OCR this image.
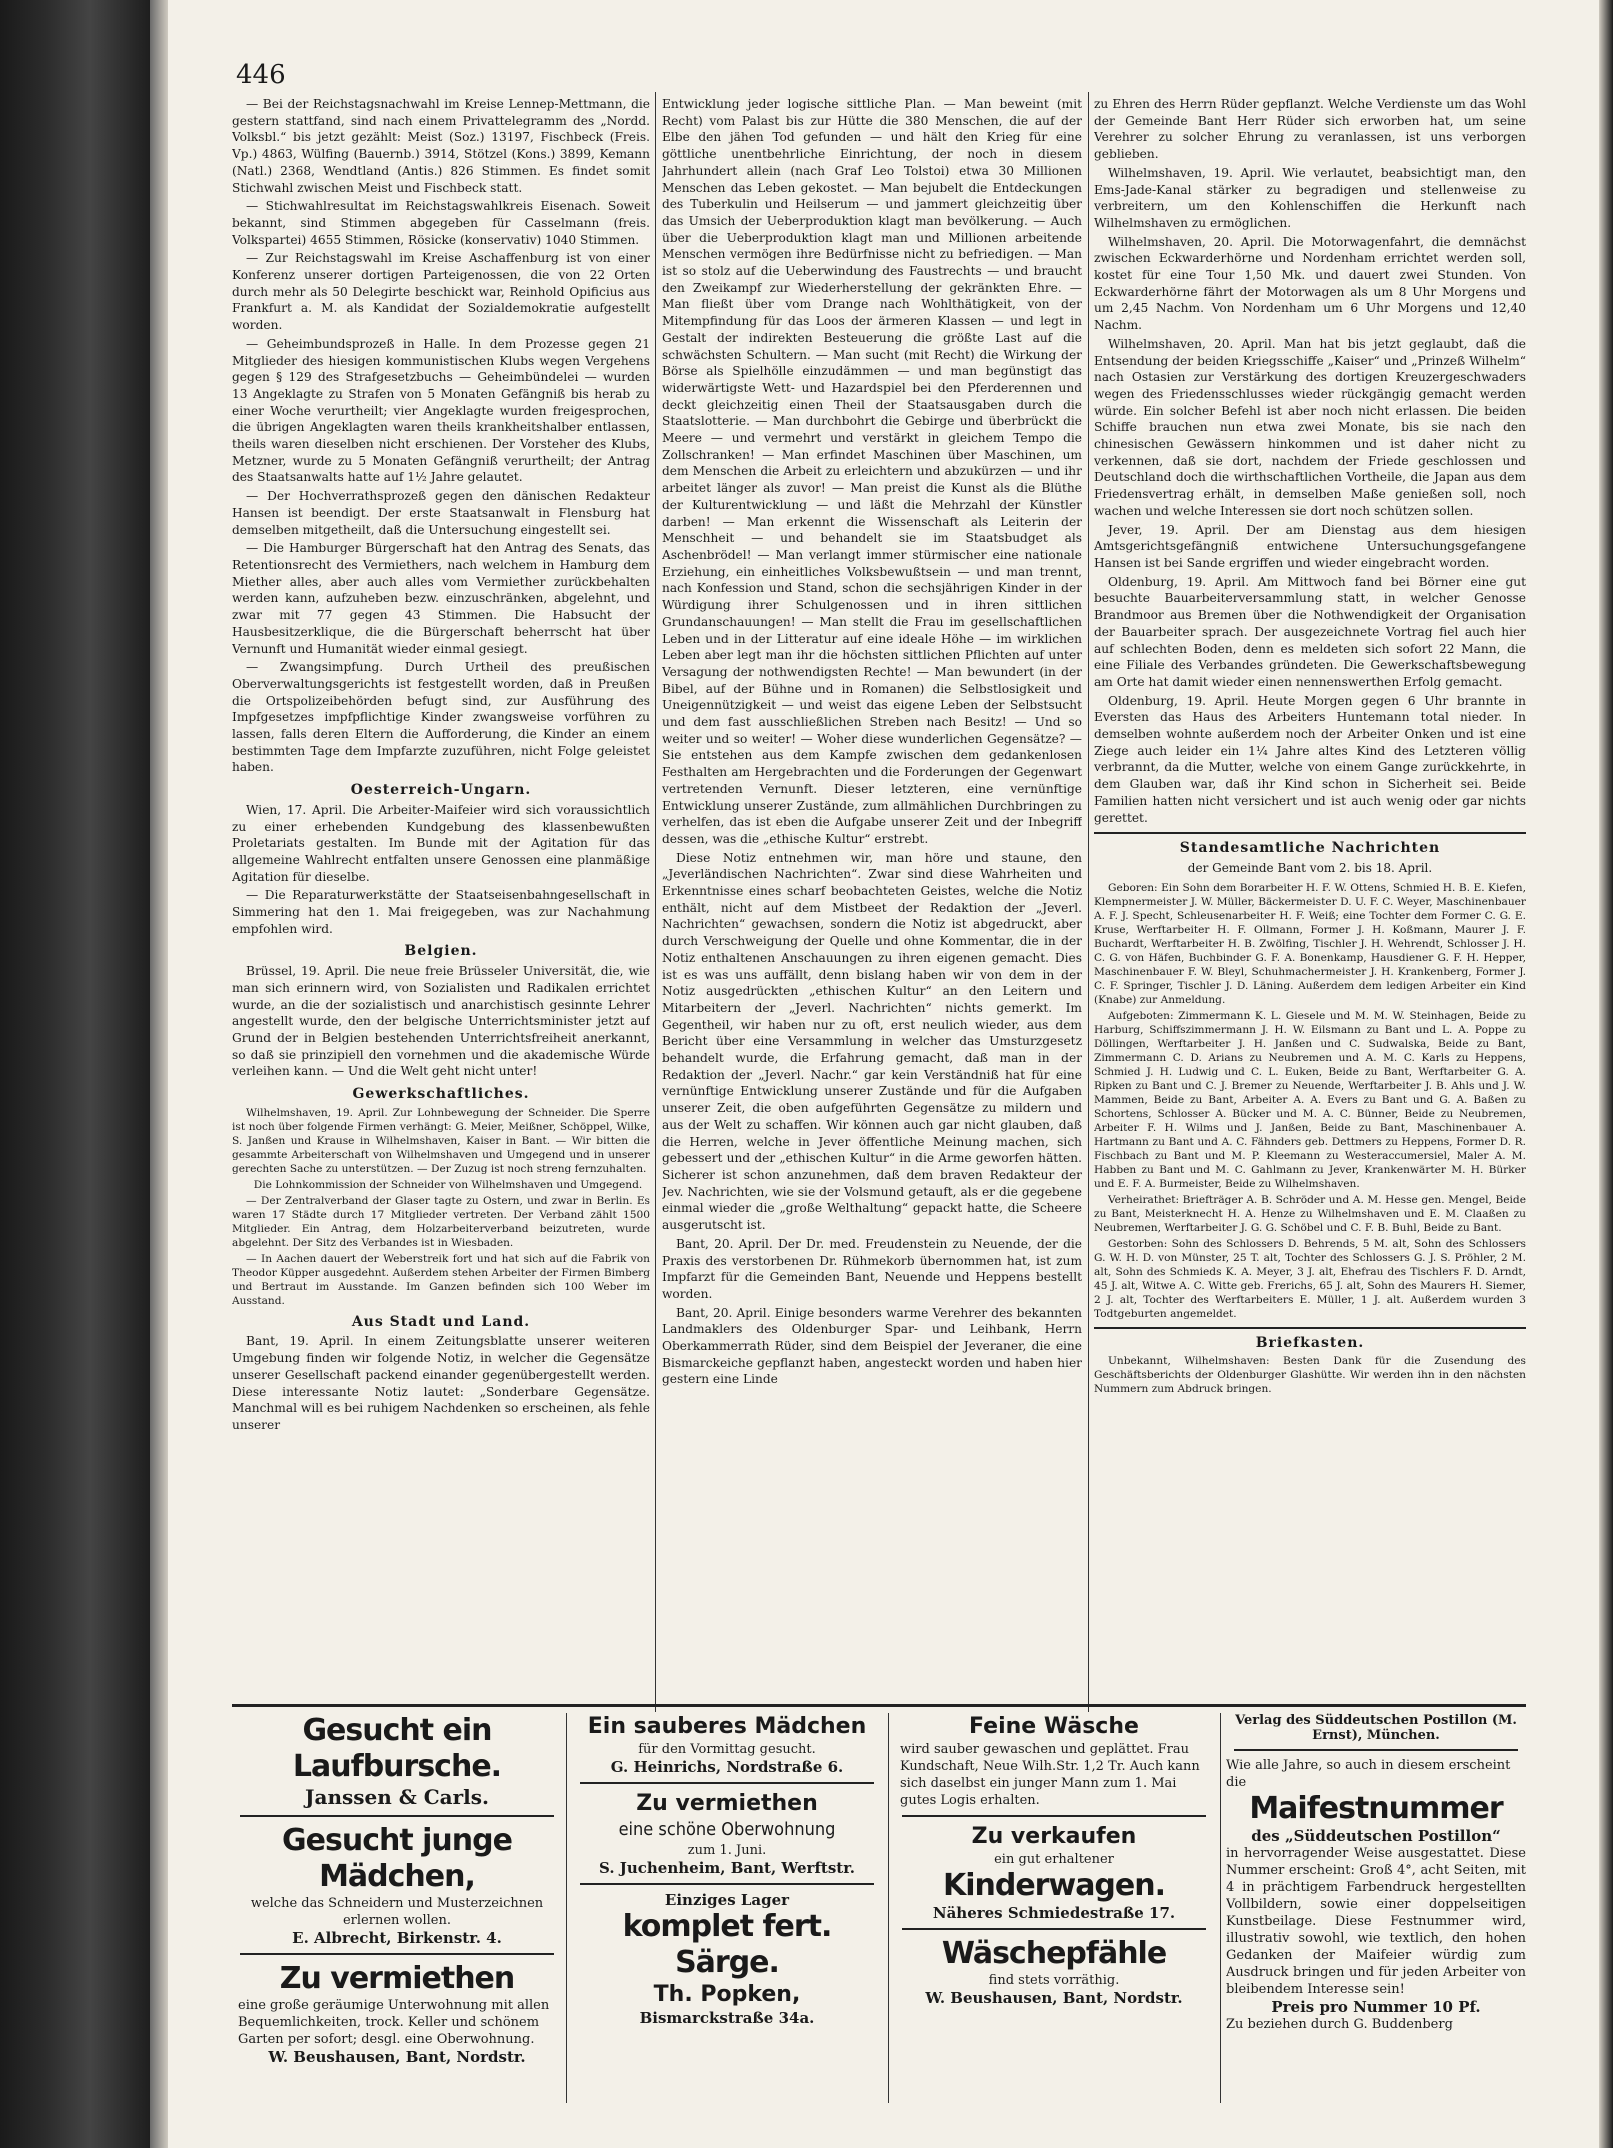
446

— Bei der Reichstagsnachwahl im Kreise Lennep-Mettmann, die gestern stattfand, sind nach einem Privattelegramm des „Nordd. Volksbl.“ bis jetzt gezählt: Meist (Soz.) 13197, Fischbeck (Freis. Vp.) 4863, Wülfing (Bauernb.) 3914, Stötzel (Kons.) 3899, Kemann (Natl.) 2368, Wendtland (Antis.) 826 Stimmen. Es findet somit Stichwahl zwischen Meist und Fischbeck statt.

— Stichwahlresultat im Reichstagswahlkreis Eisenach. Soweit bekannt, sind Stimmen abgegeben für Casselmann (freis. Volkspartei) 4655 Stimmen, Rösicke (konservativ) 1040 Stimmen.

— Zur Reichstagswahl im Kreise Aschaffenburg ist von einer Konferenz unserer dortigen Parteigenossen, die von 22 Orten durch mehr als 50 Delegirte beschickt war, Reinhold Opificius aus Frankfurt a. M. als Kandidat der Sozialdemokratie aufgestellt worden.

— Geheimbundsprozeß in Halle. In dem Prozesse gegen 21 Mitglieder des hiesigen kommunistischen Klubs wegen Vergehens gegen § 129 des Strafgesetzbuchs — Geheimbündelei — wurden 13 Angeklagte zu Strafen von 5 Monaten Gefängniß bis herab zu einer Woche verurtheilt; vier Angeklagte wurden freigesprochen, die übrigen Angeklagten waren theils krankheitshalber entlassen, theils waren dieselben nicht erschienen. Der Vorsteher des Klubs, Metzner, wurde zu 5 Monaten Gefängniß verurtheilt; der Antrag des Staatsanwalts hatte auf 1½ Jahre gelautet.

— Der Hochverrathsprozeß gegen den dänischen Redakteur Hansen ist beendigt. Der erste Staatsanwalt in Flensburg hat demselben mitgetheilt, daß die Untersuchung eingestellt sei.

— Die Hamburger Bürgerschaft hat den Antrag des Senats, das Retentionsrecht des Vermiethers, nach welchem in Hamburg dem Miether alles, aber auch alles vom Vermiether zurückbehalten werden kann, aufzuheben bezw. einzuschränken, abgelehnt, und zwar mit 77 gegen 43 Stimmen. Die Habsucht der Hausbesitzerklique, die die Bürgerschaft beherrscht hat über Vernunft und Humanität wieder einmal gesiegt.

— Zwangsimpfung. Durch Urtheil des preußischen Oberverwaltungsgerichts ist festgestellt worden, daß in Preußen die Ortspolizeibehörden befugt sind, zur Ausführung des Impfgesetzes impfpflichtige Kinder zwangsweise vorführen zu lassen, falls deren Eltern die Aufforderung, die Kinder an einem bestimmten Tage dem Impfarzte zuzuführen, nicht Folge geleistet haben.

Oesterreich-Ungarn.

Wien, 17. April. Die Arbeiter-Maifeier wird sich voraussichtlich zu einer erhebenden Kundgebung des klassenbewußten Proletariats gestalten. Im Bunde mit der Agitation für das allgemeine Wahlrecht entfalten unsere Genossen eine planmäßige Agitation für dieselbe.

— Die Reparaturwerkstätte der Staatseisenbahngesellschaft in Simmering hat den 1. Mai freigegeben, was zur Nachahmung empfohlen wird.

Belgien.

Brüssel, 19. April. Die neue freie Brüsseler Universität, die, wie man sich erinnern wird, von Sozialisten und Radikalen errichtet wurde, an die der sozialistisch und anarchistisch gesinnte Lehrer angestellt wurde, den der belgische Unterrichtsminister jetzt auf Grund der in Belgien bestehenden Unterrichtsfreiheit anerkannt, so daß sie prinzipiell den vornehmen und die akademische Würde verleihen kann. — Und die Welt geht nicht unter!

Gewerkschaftliches.

Wilhelmshaven, 19. April. Zur Lohnbewegung der Schneider. Die Sperre ist noch über folgende Firmen verhängt: G. Meier, Meißner, Schöppel, Wilke, S. Janßen und Krause in Wilhelmshaven, Kaiser in Bant. — Wir bitten die gesammte Arbeiterschaft von Wilhelmshaven und Umgegend und in unserer gerechten Sache zu unterstützen. — Der Zuzug ist noch streng fernzuhalten.

Die Lohnkommission der Schneider von Wilhelmshaven und Umgegend.

— Der Zentralverband der Glaser tagte zu Ostern, und zwar in Berlin. Es waren 17 Städte durch 17 Mitglieder vertreten. Der Verband zählt 1500 Mitglieder. Ein Antrag, dem Holzarbeiterverband beizutreten, wurde abgelehnt. Der Sitz des Verbandes ist in Wiesbaden.

— In Aachen dauert der Weberstreik fort und hat sich auf die Fabrik von Theodor Küpper ausgedehnt. Außerdem stehen Arbeiter der Firmen Bimberg und Bertraut im Ausstande. Im Ganzen befinden sich 100 Weber im Ausstand.

Aus Stadt und Land.

Bant, 19. April. In einem Zeitungsblatte unserer weiteren Umgebung finden wir folgende Notiz, in welcher die Gegensätze unserer Gesellschaft packend einander gegenübergestellt werden. Diese interessante Notiz lautet: „Sonderbare Gegensätze. Manchmal will es bei ruhigem Nachdenken so erscheinen, als fehle unserer

Entwicklung jeder logische sittliche Plan. — Man beweint (mit Recht) vom Palast bis zur Hütte die 380 Menschen, die auf der Elbe den jähen Tod gefunden — und hält den Krieg für eine göttliche unentbehrliche Einrichtung, der noch in diesem Jahrhundert allein (nach Graf Leo Tolstoi) etwa 30 Millionen Menschen das Leben gekostet. — Man bejubelt die Entdeckungen des Tuberkulin und Heilserum — und jammert gleichzeitig über das Umsich der Ueberproduktion klagt man bevölkerung. — Auch über die Ueberproduktion klagt man und Millionen arbeitende Menschen vermögen ihre Bedürfnisse nicht zu befriedigen. — Man ist so stolz auf die Ueberwindung des Faustrechts — und braucht den Zweikampf zur Wiederherstellung der gekränkten Ehre. — Man fließt über vom Drange nach Wohlthätigkeit, von der Mitempfindung für das Loos der ärmeren Klassen — und legt in Gestalt der indirekten Besteuerung die größte Last auf die schwächsten Schultern. — Man sucht (mit Recht) die Wirkung der Börse als Spielhölle einzudämmen — und man begünstigt das widerwärtigste Wett- und Hazardspiel bei den Pferderennen und deckt gleichzeitig einen Theil der Staatsausgaben durch die Staatslotterie. — Man durchbohrt die Gebirge und überbrückt die Meere — und vermehrt und verstärkt in gleichem Tempo die Zollschranken! — Man erfindet Maschinen über Maschinen, um dem Menschen die Arbeit zu erleichtern und abzukürzen — und ihr arbeitet länger als zuvor! — Man preist die Kunst als die Blüthe der Kulturentwicklung — und läßt die Mehrzahl der Künstler darben! — Man erkennt die Wissenschaft als Leiterin der Menschheit — und behandelt sie im Staatsbudget als Aschenbrödel! — Man verlangt immer stürmischer eine nationale Erziehung, ein einheitliches Volksbewußtsein — und man trennt, nach Konfession und Stand, schon die sechsjährigen Kinder in der Würdigung ihrer Schulgenossen und in ihren sittlichen Grundanschauungen! — Man stellt die Frau im gesellschaftlichen Leben und in der Litteratur auf eine ideale Höhe — im wirklichen Leben aber legt man ihr die höchsten sittlichen Pflichten auf unter Versagung der nothwendigsten Rechte! — Man bewundert (in der Bibel, auf der Bühne und in Romanen) die Selbstlosigkeit und Uneigennützigkeit — und weist das eigene Leben der Selbstsucht und dem fast ausschließlichen Streben nach Besitz! — Und so weiter und so weiter! — Woher diese wunderlichen Gegensätze? — Sie entstehen aus dem Kampfe zwischen dem gedankenlosen Festhalten am Hergebrachten und die Forderungen der Gegenwart vertretenden Vernunft. Dieser letzteren, eine vernünftige Entwicklung unserer Zustände, zum allmählichen Durchbringen zu verhelfen, das ist eben die Aufgabe unserer Zeit und der Inbegriff dessen, was die „ethische Kultur“ erstrebt.

Diese Notiz entnehmen wir, man höre und staune, den „Jeverländischen Nachrichten“. Zwar sind diese Wahrheiten und Erkenntnisse eines scharf beobachteten Geistes, welche die Notiz enthält, nicht auf dem Mistbeet der Redaktion der „Jeverl. Nachrichten“ gewachsen, sondern die Notiz ist abgedruckt, aber durch Verschweigung der Quelle und ohne Kommentar, die in der Notiz enthaltenen Anschauungen zu ihren eigenen gemacht. Dies ist es was uns auffällt, denn bislang haben wir von dem in der Notiz ausgedrückten „ethischen Kultur“ an den Leitern und Mitarbeitern der „Jeverl. Nachrichten“ nichts gemerkt. Im Gegentheil, wir haben nur zu oft, erst neulich wieder, aus dem Bericht über eine Versammlung in welcher das Umsturzgesetz behandelt wurde, die Erfahrung gemacht, daß man in der Redaktion der „Jeverl. Nachr.“ gar kein Verständniß hat für eine vernünftige Entwicklung unserer Zustände und für die Aufgaben unserer Zeit, die oben aufgeführten Gegensätze zu mildern und aus der Welt zu schaffen. Wir können auch gar nicht glauben, daß die Herren, welche in Jever öffentliche Meinung machen, sich gebessert und der „ethischen Kultur“ in die Arme geworfen hätten. Sicherer ist schon anzunehmen, daß dem braven Redakteur der Jev. Nachrichten, wie sie der Volsmund getauft, als er die gegebene einmal wieder die „große Welthaltung“ gepackt hatte, die Scheere ausgerutscht ist.

Bant, 20. April. Der Dr. med. Freudenstein zu Neuende, der die Praxis des verstorbenen Dr. Rühmekorb übernommen hat, ist zum Impfarzt für die Gemeinden Bant, Neuende und Heppens bestellt worden.

Bant, 20. April. Einige besonders warme Verehrer des bekannten Landmaklers des Oldenburger Spar- und Leihbank, Herrn Oberkammerrath Rüder, sind dem Beispiel der Jeveraner, die eine Bismarckeiche gepflanzt haben, angesteckt worden und haben hier gestern eine Linde

zu Ehren des Herrn Rüder gepflanzt. Welche Verdienste um das Wohl der Gemeinde Bant Herr Rüder sich erworben hat, um seine Verehrer zu solcher Ehrung zu veranlassen, ist uns verborgen geblieben.

Wilhelmshaven, 19. April. Wie verlautet, beabsichtigt man, den Ems-Jade-Kanal stärker zu begradigen und stellenweise zu verbreitern, um den Kohlenschiffen die Herkunft nach Wilhelmshaven zu ermöglichen.

Wilhelmshaven, 20. April. Die Motorwagenfahrt, die demnächst zwischen Eckwarderhörne und Nordenham errichtet werden soll, kostet für eine Tour 1,50 Mk. und dauert zwei Stunden. Von Eckwarderhörne fährt der Motorwagen als um 8 Uhr Morgens und um 2,45 Nachm. Von Nordenham um 6 Uhr Morgens und 12,40 Nachm.

Wilhelmshaven, 20. April. Man hat bis jetzt geglaubt, daß die Entsendung der beiden Kriegsschiffe „Kaiser“ und „Prinzeß Wilhelm“ nach Ostasien zur Verstärkung des dortigen Kreuzergeschwaders wegen des Friedensschlusses wieder rückgängig gemacht werden würde. Ein solcher Befehl ist aber noch nicht erlassen. Die beiden Schiffe brauchen nun etwa zwei Monate, bis sie nach den chinesischen Gewässern hinkommen und ist daher nicht zu verkennen, daß sie dort, nachdem der Friede geschlossen und Deutschland doch die wirthschaftlichen Vortheile, die Japan aus dem Friedensvertrag erhält, in demselben Maße genießen soll, noch wachen und welche Interessen sie dort noch schützen sollen.

Jever, 19. April. Der am Dienstag aus dem hiesigen Amtsgerichtsgefängniß entwichene Untersuchungsgefangene Hansen ist bei Sande ergriffen und wieder eingebracht worden.

Oldenburg, 19. April. Am Mittwoch fand bei Börner eine gut besuchte Bauarbeiterversammlung statt, in welcher Genosse Brandmoor aus Bremen über die Nothwendigkeit der Organisation der Bauarbeiter sprach. Der ausgezeichnete Vortrag fiel auch hier auf schlechten Boden, denn es meldeten sich sofort 22 Mann, die eine Filiale des Verbandes gründeten. Die Gewerkschaftsbewegung am Orte hat damit wieder einen nennenswerthen Erfolg gemacht.

Oldenburg, 19. April. Heute Morgen gegen 6 Uhr brannte in Eversten das Haus des Arbeiters Huntemann total nieder. In demselben wohnte außerdem noch der Arbeiter Onken und ist eine Ziege auch leider ein 1¼ Jahre altes Kind des Letzteren völlig verbrannt, da die Mutter, welche von einem Gange zurückkehrte, in dem Glauben war, daß ihr Kind schon in Sicherheit sei. Beide Familien hatten nicht versichert und ist auch wenig oder gar nichts gerettet.

Standesamtliche Nachrichten
der Gemeinde Bant vom 2. bis 18. April.

Geboren: Ein Sohn dem Borarbeiter H. F. W. Ottens, Schmied H. B. E. Kiefen, Klempnermeister J. W. Müller, Bäckermeister D. U. F. C. Weyer, Maschinenbauer A. F. J. Specht, Schleusenarbeiter H. F. Weiß; eine Tochter dem Former C. G. E. Kruse, Werftarbeiter H. F. Ollmann, Former J. H. Koßmann, Maurer J. F. Buchardt, Werftarbeiter H. B. Zwölfing, Tischler J. H. Wehrendt, Schlosser J. H. C. G. von Häfen, Buchbinder G. F. A. Bonenkamp, Hausdiener G. F. H. Hepper, Maschinenbauer F. W. Bleyl, Schuhmachermeister J. H. Krankenberg, Former J. C. F. Springer, Tischler J. D. Läning. Außerdem dem ledigen Arbeiter ein Kind (Knabe) zur Anmeldung.

Aufgeboten: Zimmermann K. L. Giesele und M. M. W. Steinhagen, Beide zu Harburg, Schiffszimmermann J. H. W. Eilsmann zu Bant und L. A. Poppe zu Döllingen, Werftarbeiter J. H. Janßen und C. Sudwalska, Beide zu Bant, Zimmermann C. D. Arians zu Neubremen und A. M. C. Karls zu Heppens, Schmied J. H. Ludwig und C. L. Euken, Beide zu Bant, Werftarbeiter G. A. Ripken zu Bant und C. J. Bremer zu Neuende, Werftarbeiter J. B. Ahls und J. W. Mammen, Beide zu Bant, Arbeiter A. A. Evers zu Bant und G. A. Baßen zu Schortens, Schlosser A. Bücker und M. A. C. Bünner, Beide zu Neubremen, Arbeiter F. H. Wilms und J. Janßen, Beide zu Bant, Maschinenbauer A. Hartmann zu Bant und A. C. Fähnders geb. Dettmers zu Heppens, Former D. R. Fischbach zu Bant und M. P. Kleemann zu Westeraccumersiel, Maler A. M. Habben zu Bant und M. C. Gahlmann zu Jever, Krankenwärter M. H. Bürker und E. F. A. Burmeister, Beide zu Wilhelmshaven.

Verheirathet: Briefträger A. B. Schröder und A. M. Hesse gen. Mengel, Beide zu Bant, Meisterknecht H. A. Henze zu Wilhelmshaven und E. M. Claaßen zu Neubremen, Werftarbeiter J. G. G. Schöbel und C. F. B. Buhl, Beide zu Bant.

Gestorben: Sohn des Schlossers D. Behrends, 5 M. alt, Sohn des Schlossers G. W. H. D. von Münster, 25 T. alt, Tochter des Schlossers G. J. S. Pröhler, 2 M. alt, Sohn des Schmieds K. A. Meyer, 3 J. alt, Ehefrau des Tischlers F. D. Arndt, 45 J. alt, Witwe A. C. Witte geb. Frerichs, 65 J. alt, Sohn des Maurers H. Siemer, 2 J. alt, Tochter des Werftarbeiters E. Müller, 1 J. alt. Außerdem wurden 3 Todtgeburten angemeldet.

Briefkasten.

Unbekannt, Wilhelmshaven: Besten Dank für die Zusendung des Geschäftsberichts der Oldenburger Glashütte. Wir werden ihn in den nächsten Nummern zum Abdruck bringen.

Gesucht ein Laufbursche.
Janssen & Carls.
Gesucht junge Mädchen,
welche das Schneidern und Musterzeichnen erlernen wollen.
E. Albrecht, Birkenstr. 4.
Zu vermiethen
eine große geräumige Unterwohnung mit allen Bequemlichkeiten, trock. Keller und schönem Garten per sofort; desgl. eine Oberwohnung.
W. Beushausen, Bant, Nordstr.
Ein sauberes Mädchen
für den Vormittag gesucht.
G. Heinrichs, Nordstraße 6.
Zu vermiethen
eine schöne Oberwohnung
zum 1. Juni.
S. Juchenheim, Bant, Werftstr.
Einziges Lager
komplet fert. Särge.
Th. Popken,
Bismarckstraße 34a.
Feine Wäsche
wird sauber gewaschen und geplättet. Frau Kundschaft, Neue Wilh.Str. 1,2 Tr. Auch kann sich daselbst ein junger Mann zum 1. Mai gutes Logis erhalten.
Zu verkaufen
ein gut erhaltener
Kinderwagen.
Näheres Schmiedestraße 17.
Wäschepfähle
find stets vorräthig.
W. Beushausen, Bant, Nordstr.
Verlag des Süddeutschen Postillon (M. Ernst), München.
Wie alle Jahre, so auch in diesem erscheint die
Maifestnummer
des „Süddeutschen Postillon“
in hervorragender Weise ausgestattet. Diese Nummer erscheint: Groß 4°, acht Seiten, mit 4 in prächtigem Farbendruck hergestellten Vollbildern, sowie einer doppelseitigen Kunstbeilage. Diese Festnummer wird, illustrativ sowohl, wie textlich, den hohen Gedanken der Maifeier würdig zum Ausdruck bringen und für jeden Arbeiter von bleibendem Interesse sein!
Preis pro Nummer 10 Pf.
Zu beziehen durch G. Buddenberg
